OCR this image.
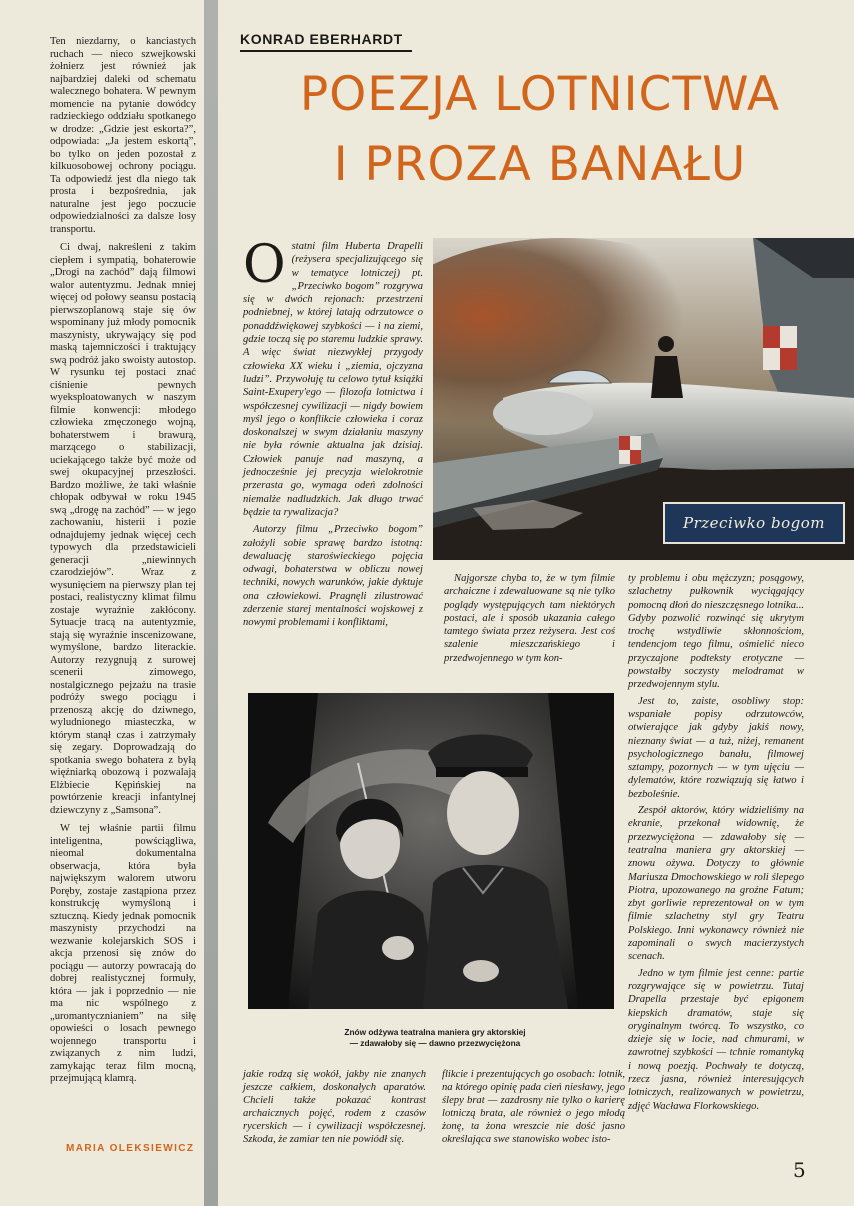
Ten niezdarny, o kanciastych ruchach — nieco szwejkowski żołnierz jest również jak najbardziej daleki od schematu walecznego bohatera. W pewnym momencie na pytanie dowódcy radzieckiego oddziału spotkanego w drodze: „Gdzie jest eskorta?”, odpowiada: „Ja jestem eskortą”, bo tylko on jeden pozostał z kilkuosobowej ochrony pociągu. Ta odpowiedź jest dla niego tak prosta i bezpośrednia, jak naturalne jest jego poczucie odpowiedzialności za dalsze losy transportu.

Ci dwaj, nakreśleni z takim ciepłem i sympatią, bohaterowie „Drogi na zachód” dają filmowi walor autentyzmu. Jednak mniej więcej od połowy seansu postacią pierwszoplanową staje się ów wspominany już młody pomocnik maszynisty, ukrywający się pod maską tajemniczości i traktujący swą podróż jako swoisty autostop. W rysunku tej postaci znać ciśnienie pewnych wyeksploatowanych w naszym filmie konwencji: młodego człowieka zmęczonego wojną, bohaterstwem i brawurą, marzącego o stabilizacji, uciekającego także być może od swej okupacyjnej przeszłości. Bardzo możliwe, że taki właśnie chłopak odbywał w roku 1945 swą „drogę na zachód” — w jego zachowaniu, histerii i pozie odnajdujemy jednak więcej cech typowych dla przedstawicieli generacji „niewinnych czarodziejów”. Wraz z wysunięciem na pierwszy plan tej postaci, realistyczny klimat filmu zostaje wyraźnie zakłócony. Sytuacje tracą na autentyzmie, stają się wyraźnie inscenizowane, wymyślone, bardzo literackie. Autorzy rezygnują z surowej scenerii zimowego, nostalgicznego pejzażu na trasie podróży swego pociągu i przenoszą akcję do dziwnego, wyludnionego miasteczka, w którym stanął czas i zatrzymały się zegary. Doprowadzają do spotkania swego bohatera z byłą więźniarką obozową i pozwalają Elżbiecie Kępińskiej na powtórzenie kreacji infantylnej dziewczyny z „Samsona”.

W tej właśnie partii filmu inteligentna, powściągliwa, nieomal dokumentalna obserwacja, która była największym walorem utworu Poręby, zostaje zastąpiona przez konstrukcję wymyśloną i sztuczną. Kiedy jednak pomocnik maszynisty przychodzi na wezwanie kolejarskich SOS i akcja przenosi się znów do pociągu — autorzy powracają do dobrej realistycznej formuły, która — jak i poprzednio — nie ma nic wspólnego z „uromantycznianiem” na siłę opowieści o losach pewnego wojennego transportu i związanych z nim ludzi, zamykając teraz film mocną, przejmującą klamrą.

MARIA OLEKSIEWICZ
KONRAD EBERHARDT
POEZJA LOTNICTWA
I PROZA BANAŁU

Ostatni film Huberta Drapelli (reżysera specjalizującego się w tematyce lotniczej) pt. „Przeciwko bogom” rozgrywa się w dwóch rejonach: przestrzeni podniebnej, w której latają odrzutowce o ponaddźwiękowej szybkości — i na ziemi, gdzie toczą się po staremu ludzkie sprawy. A więc świat niezwykłej przygody człowieka XX wieku i „ziemia, ojczyzna ludzi”. Przywołuję tu celowo tytuł książki Saint-Exupery'ego — filozofa lotnictwa i współczesnej cywilizacji — nigdy bowiem myśl jego o konflikcie człowieka i coraz doskonalszej w swym działaniu maszyny nie była równie aktualna jak dzisiaj. Człowiek panuje nad maszyną, a jednocześnie jej precyzja wielokrotnie przerasta go, wymaga odeń zdolności niemalże nadludzkich. Jak długo trwać będzie ta rywalizacja?

Autorzy filmu „Przeciwko bogom” założyli sobie sprawę bardzo istotną: dewaluację staroświeckiego pojęcia odwagi, bohaterstwa w obliczu nowej techniki, nowych warunków, jakie dyktuje ona człowiekowi. Pragnęli zilustrować zderzenie starej mentalności wojskowej z nowymi problemami i konfliktami,

Przeciwko bogom

Najgorsze chyba to, że w tym filmie archaiczne i zdewaluowane są nie tylko poglądy występujących tam niektórych postaci, ale i sposób ukazania całego tamtego świata przez reżysera. Jest coś szalenie mieszczańskiego i przedwojennego w tym kon-

ty problemu i obu mężczyzn; posągowy, szlachetny pułkownik wyciągający pomocną dłoń do nieszczęsnego lotnika... Gdyby pozwolić rozwinąć się ukrytym trochę wstydliwie skłonnościom, tendencjom tego filmu, ośmielić nieco przyczajone podteksty erotyczne — powstałby soczysty melodramat w przedwojennym stylu.

Jest to, zaiste, osobliwy stop: wspaniałe popisy odrzutowców, otwierające jak gdyby jakiś nowy, nieznany świat — a tuż, niżej, remanent psychologicznego banału, filmowej sztampy, pozornych — w tym ujęciu — dylematów, które rozwiązują się łatwo i bezboleśnie.

Zespół aktorów, który widzieliśmy na ekranie, przekonał widownię, że przezwyciężona — zdawałoby się — teatralna maniera gry aktorskiej — znowu ożywa. Dotyczy to głównie Mariusza Dmochowskiego w roli ślepego Piotra, upozowanego na groźne Fatum; zbyt gorliwie reprezentował on w tym filmie szlachetny styl gry Teatru Polskiego. Inni wykonawcy również nie zapominali o swych macierzystych scenach.

Jedno w tym filmie jest cenne: partie rozgrywające się w powietrzu. Tutaj Drapella przestaje być epigonem kiepskich dramatów, staje się oryginalnym twórcą. To wszystko, co dzieje się w locie, nad chmurami, w zawrotnej szybkości — tchnie romantyką i nową poezją. Pochwały te dotyczą, rzecz jasna, również interesujących lotniczych, realizowanych w powietrzu, zdjęć Wacława Florkowskiego.

Znów odżywa teatralna maniera gry aktorskiej
— zdawałoby się — dawno przezwyciężona

jakie rodzą się wokół, jakby nie znanych jeszcze całkiem, doskonałych aparatów. Chcieli także pokazać kontrast archaicznych pojęć, rodem z czasów rycerskich — i cywilizacji współczesnej. Szkoda, że zamiar ten nie powiódł się.

flikcie i prezentujących go osobach: lotnik, na którego opinię pada cień niesławy, jego ślepy brat — zazdrosny nie tylko o karierę lotniczą brata, ale również o jego młodą żonę, ta żona wreszcie nie dość jasno określająca swe stanowisko wobec isto-

5
